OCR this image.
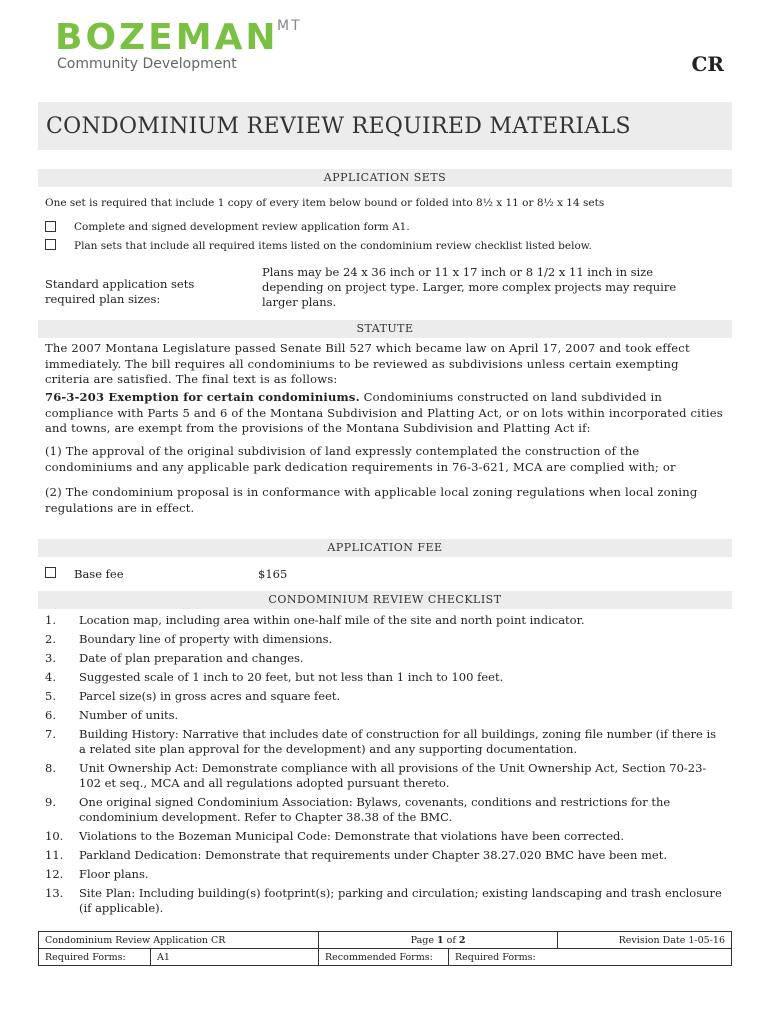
BOZEMAN
MT
Community Development	CR
CONDOMINIUM REVIEW REQUIRED MATERIALS
APPLICATION SETS
One set is required that include 1 copy of every item below bound or folded into 8½ x 11 or 8½ x 14 sets
Complete and signed development review application form A1.
Plan sets that include all required items listed on the condominium review checklist listed below.
Standard application sets required plan sizes:
Plans may be 24 x 36 inch or 11 x 17 inch or 8 1/2 x 11 inch in size depending on project type. Larger, more complex projects may require larger plans.
STATUTE
The 2007 Montana Legislature passed Senate Bill 527 which became law on April 17, 2007 and took effect immediately. The bill requires all condominiums to be reviewed as subdivisions unless certain exempting criteria are satisfied. The final text is as follows:
76-3-203 Exemption for certain condominiums. Condominiums constructed on land subdivided in compliance with Parts 5 and 6 of the Montana Subdivision and Platting Act, or on lots within incorporated cities and towns, are exempt from the provisions of the Montana Subdivision and Platting Act if:
(1) The approval of the original subdivision of land expressly contemplated the construction of the condominiums and any applicable park dedication requirements in 76-3-621, MCA are complied with; or
(2) The condominium proposal is in conformance with applicable local zoning regulations when local zoning regulations are in effect.
APPLICATION FEE
Base fee	$165
CONDOMINIUM REVIEW CHECKLIST
1.	Location map, including area within one-half mile of the site and north point indicator.
2.	Boundary line of property with dimensions.
3.	Date of plan preparation and changes.
4.	Suggested scale of 1 inch to 20 feet, but not less than 1 inch to 100 feet.
5.	Parcel size(s) in gross acres and square feet.
6.	Number of units.
7.	Building History: Narrative that includes date of construction for all buildings, zoning file number (if there is a related site plan approval for the development) and any supporting documentation.
8.	Unit Ownership Act: Demonstrate compliance with all provisions of the Unit Ownership Act, Section 70-23-102 et seq., MCA and all regulations adopted pursuant thereto.
9.	One original signed Condominium Association: Bylaws, covenants, conditions and restrictions for the condominium development. Refer to Chapter 38.38 of the BMC.
10.	Violations to the Bozeman Municipal Code: Demonstrate that violations have been corrected.
11.	Parkland Dedication: Demonstrate that requirements under Chapter 38.27.020 BMC have been met.
12.	Floor plans.
13.	Site Plan: Including building(s) footprint(s); parking and circulation; existing landscaping and trash enclosure (if applicable).
Condominium Review Application CR		Page 1 of 2		Revision Date 1-05-16
Required Forms:	A1	Recommended Forms:	Required Forms:	
